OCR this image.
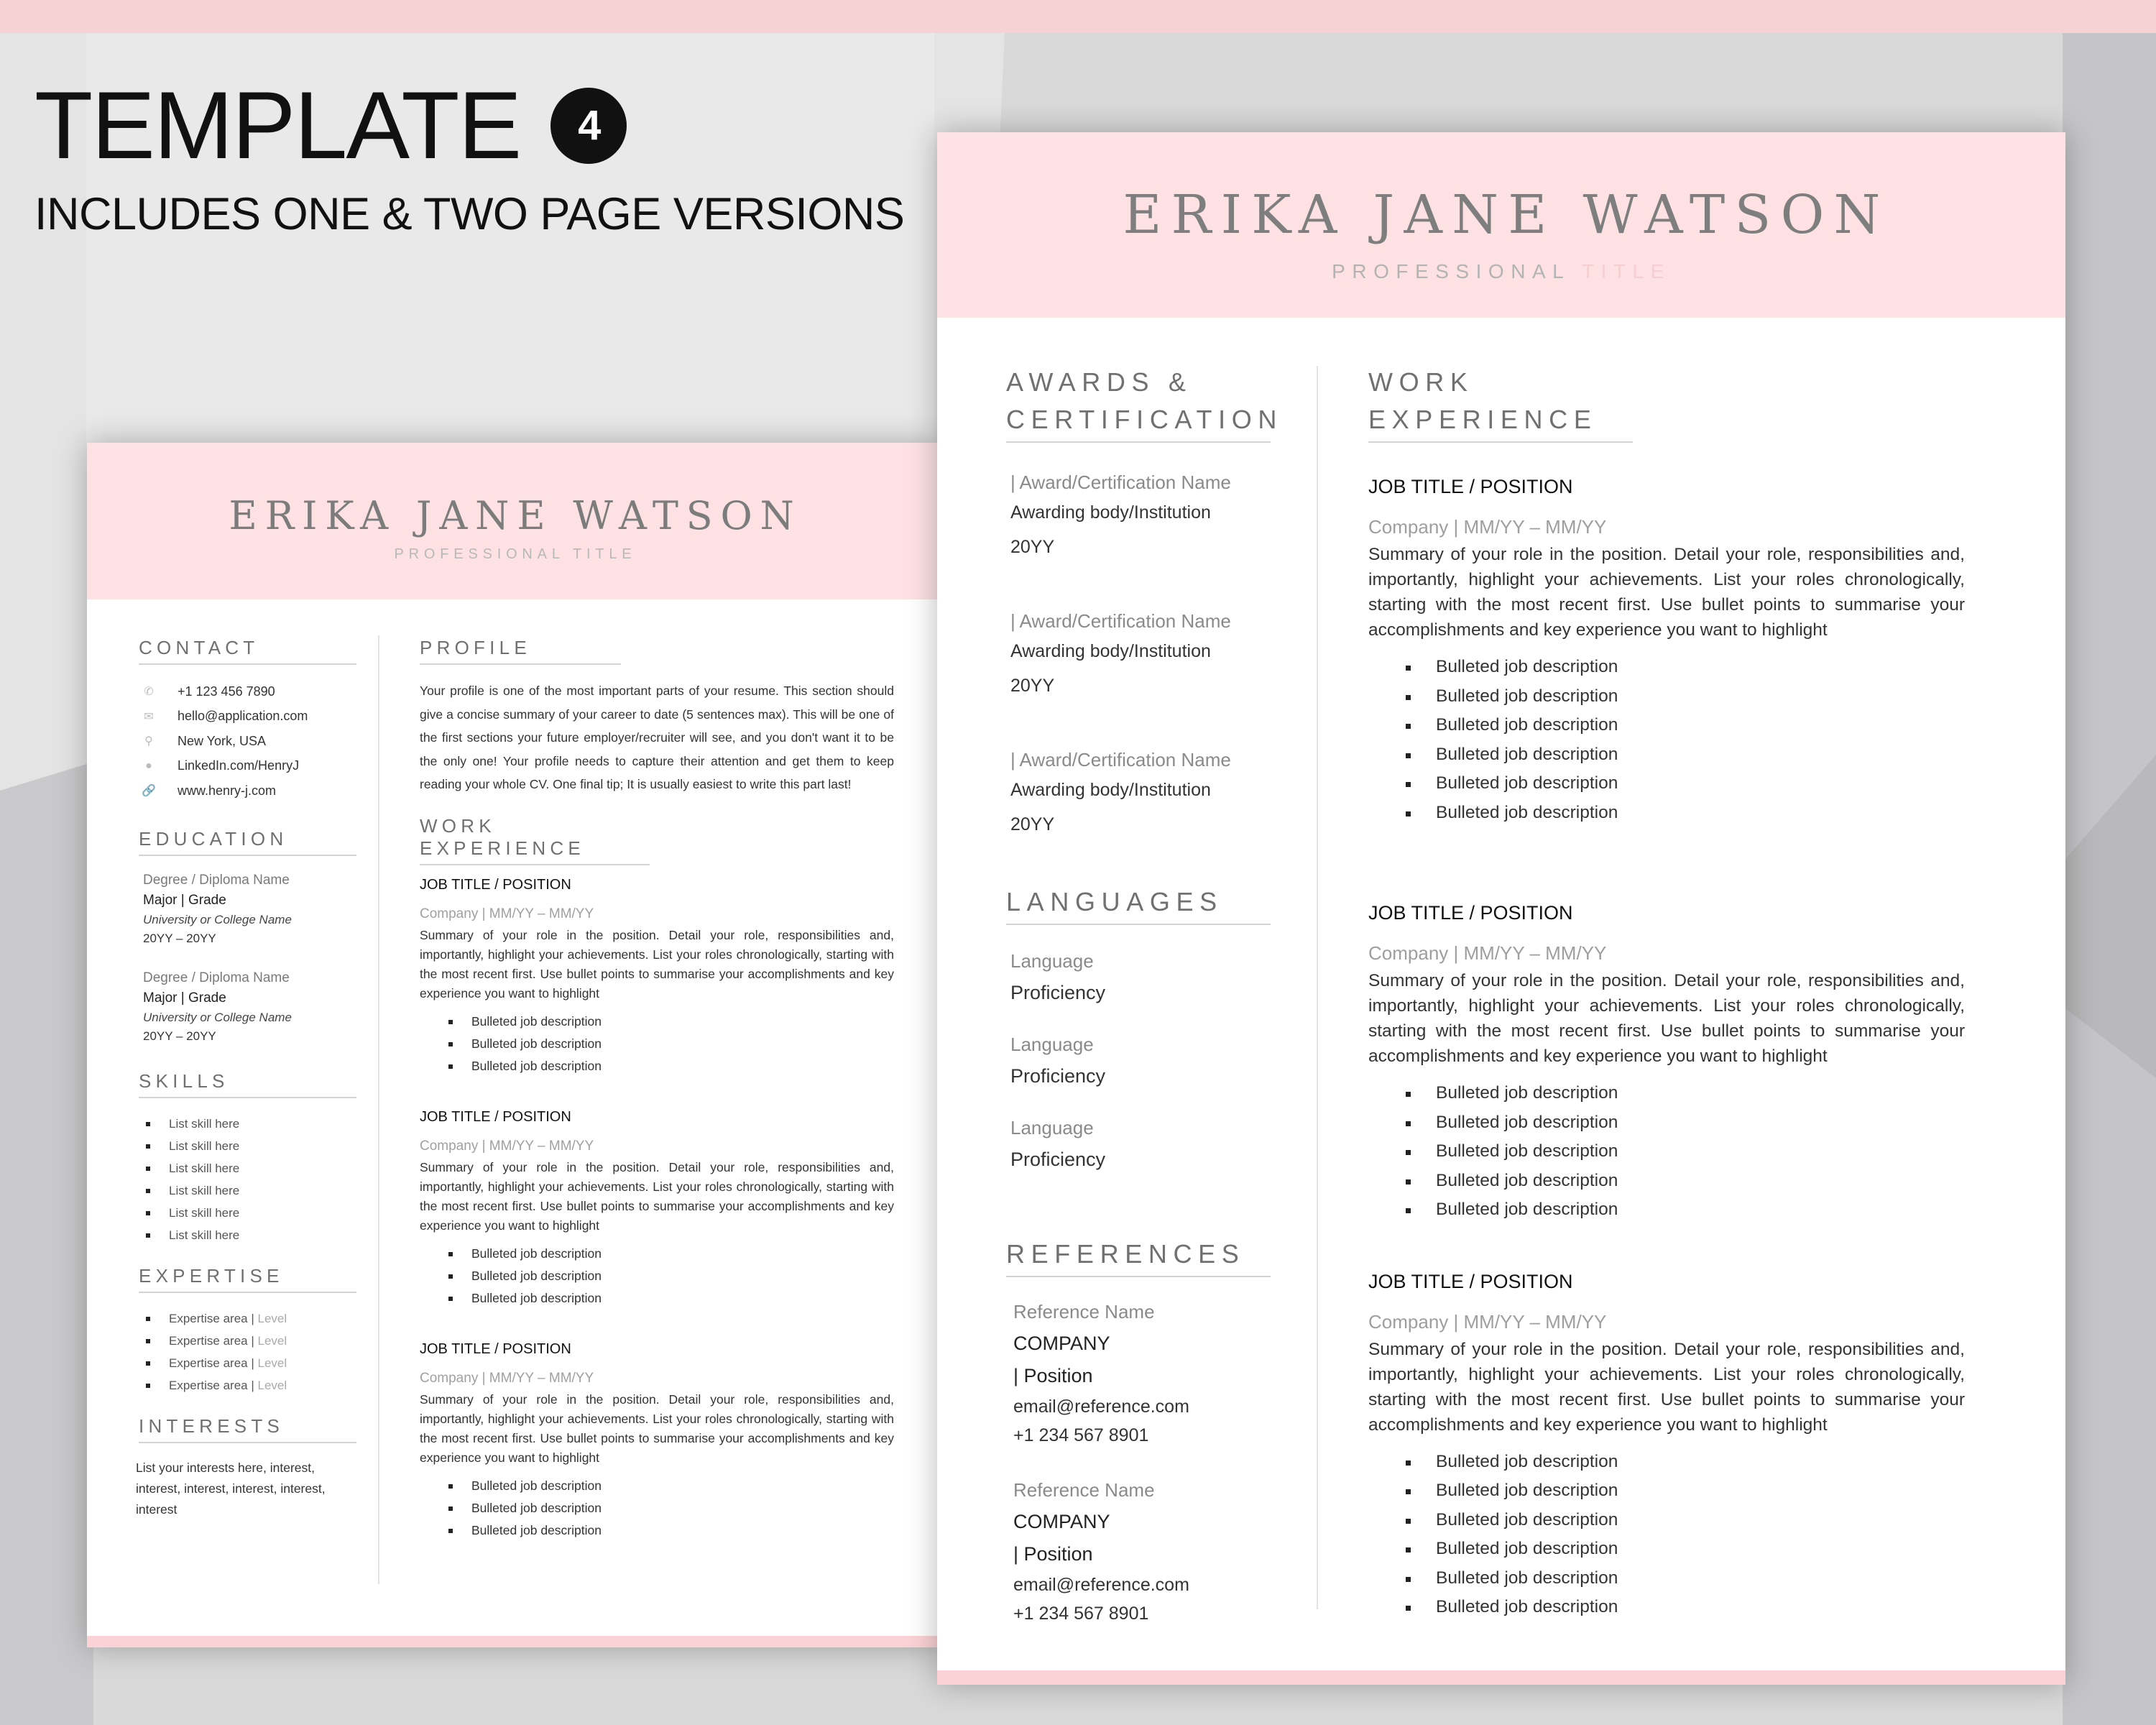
TEMPLATE	4
INCLUDES ONE & TWO PAGE VERSIONS
ERIKA JANE WATSON
PROFESSIONAL TITLE
CONTACT
✆ +1 123 456 7890
✉ hello@application.com
⚲	New York, USA
●	LinkedIn.com/HenryJ
🔗 www.henry-j.com
EDUCATION
Degree / Diploma Name
Major | Grade
University or College Name
20YY – 20YY
Degree / Diploma Name
Major | Grade
University or College Name
20YY – 20YY
SKILLS
List skill here
List skill here
List skill here
List skill here
List skill here
List skill here
EXPERTISE
Expertise area | Level
Expertise area | Level
Expertise area | Level
Expertise area | Level
INTERESTS
List your interests here, interest, interest, interest, interest, interest, interest
PROFILE
Your profile is one of the most important parts of your resume. This section should give a concise summary of your career to date (5 sentences max). This will be one of the first sections your future employer/recruiter will see, and you don't want it to be the only one! Your profile needs to capture their attention and get them to keep reading your whole CV. One final tip; It is usually easiest to write this part last!
WORK EXPERIENCE
JOB TITLE / POSITION
Company | MM/YY – MM/YY
Summary of your role in the position. Detail your role, responsibilities and, importantly, highlight your achievements. List your roles chronologically, starting with the most recent first. Use bullet points to summarise your accomplishments and key experience you want to highlight
Bulleted job description
Bulleted job description
Bulleted job description
JOB TITLE / POSITION
Company | MM/YY – MM/YY
Summary of your role in the position. Detail your role, responsibilities and, importantly, highlight your achievements. List your roles chronologically, starting with the most recent first. Use bullet points to summarise your accomplishments and key experience you want to highlight
Bulleted job description
Bulleted job description
Bulleted job description
JOB TITLE / POSITION
Company | MM/YY – MM/YY
Summary of your role in the position. Detail your role, responsibilities and, importantly, highlight your achievements. List your roles chronologically, starting with the most recent first. Use bullet points to summarise your accomplishments and key experience you want to highlight
Bulleted job description
Bulleted job description
Bulleted job description
ERIKA JANE WATSON
PROFESSIONAL TITLE
AWARDS &
CERTIFICATION
| Award/Certification Name
Awarding body/Institution
20YY
| Award/Certification Name
Awarding body/Institution
20YY
| Award/Certification Name
Awarding body/Institution
20YY
LANGUAGES
Language
Proficiency
Language
Proficiency
Language
Proficiency
REFERENCES
Reference Name
COMPANY
| Position
email@reference.com
+1 234 567 8901
Reference Name
COMPANY
| Position
email@reference.com
+1 234 567 8901
WORK EXPERIENCE
JOB TITLE / POSITION
Company | MM/YY – MM/YY
Summary of your role in the position. Detail your role, responsibilities and, importantly, highlight your achievements. List your roles chronologically, starting with the most recent first. Use bullet points to summarise your accomplishments and key experience you want to highlight
Bulleted job description
Bulleted job description
Bulleted job description
Bulleted job description
Bulleted job description
Bulleted job description
JOB TITLE / POSITION
Company | MM/YY – MM/YY
Summary of your role in the position. Detail your role, responsibilities and, importantly, highlight your achievements. List your roles chronologically, starting with the most recent first. Use bullet points to summarise your accomplishments and key experience you want to highlight
Bulleted job description
Bulleted job description
Bulleted job description
Bulleted job description
Bulleted job description
JOB TITLE / POSITION
Company | MM/YY – MM/YY
Summary of your role in the position. Detail your role, responsibilities and, importantly, highlight your achievements. List your roles chronologically, starting with the most recent first. Use bullet points to summarise your accomplishments and key experience you want to highlight
Bulleted job description
Bulleted job description
Bulleted job description
Bulleted job description
Bulleted job description
Bulleted job description
